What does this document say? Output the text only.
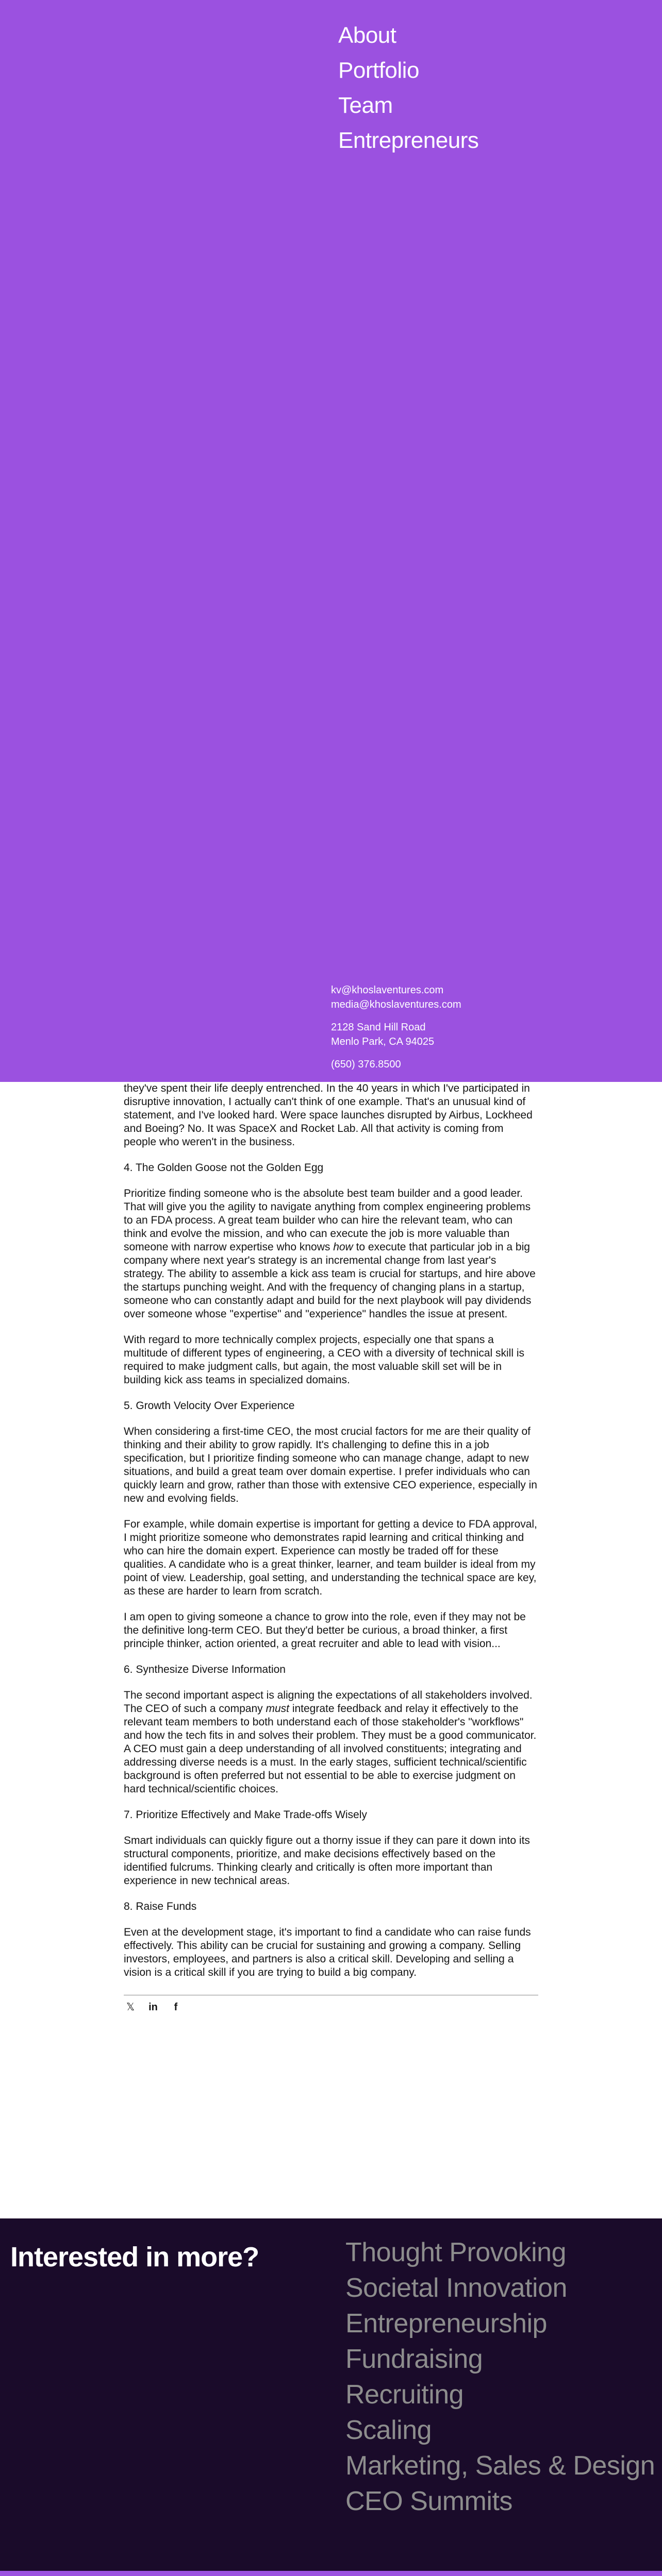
About
Portfolio
Team
Entrepreneurs
kv@khoslaventures.com
media@khoslaventures.com
2128 Sand Hill Road
Menlo Park, CA 94025
(650) 376.8500

they've spent their life deeply entrenched. In the 40 years in which I've participated in disruptive innovation, I actually can't think of one example. That's an unusual kind of statement, and I've looked hard. Were space launches disrupted by Airbus, Lockheed and Boeing? No. It was SpaceX and Rocket Lab. All that activity is coming from people who weren't in the business.

4. The Golden Goose not the Golden Egg

Prioritize finding someone who is the absolute best team builder and a good leader. That will give you the agility to navigate anything from complex engineering problems to an FDA process. A great team builder who can hire the relevant team, who can think and evolve the mission, and who can execute the job is more valuable than someone with narrow expertise who knows how to execute that particular job in a big company where next year's strategy is an incremental change from last year's strategy. The ability to assemble a kick ass team is crucial for startups, and hire above the startups punching weight. And with the frequency of changing plans in a startup, someone who can constantly adapt and build for the next playbook will pay dividends over someone whose "expertise" and "experience" handles the issue at present.

With regard to more technically complex projects, especially one that spans a multitude of different types of engineering, a CEO with a diversity of technical skill is required to make judgment calls, but again, the most valuable skill set will be in building kick ass teams in specialized domains.

5. Growth Velocity Over Experience

When considering a first-time CEO, the most crucial factors for me are their quality of thinking and their ability to grow rapidly. It's challenging to define this in a job specification, but I prioritize finding someone who can manage change, adapt to new situations, and build a great team over domain expertise. I prefer individuals who can quickly learn and grow, rather than those with extensive CEO experience, especially in new and evolving fields.

For example, while domain expertise is important for getting a device to FDA approval, I might prioritize someone who demonstrates rapid learning and critical thinking and who can hire the domain expert. Experience can mostly be traded off for these qualities. A candidate who is a great thinker, learner, and team builder is ideal from my point of view. Leadership, goal setting, and understanding the technical space are key, as these are harder to learn from scratch.

I am open to giving someone a chance to grow into the role, even if they may not be the definitive long-term CEO. But they'd better be curious, a broad thinker, a first principle thinker, action oriented, a great recruiter and able to lead with vision...

6. Synthesize Diverse Information

The second important aspect is aligning the expectations of all stakeholders involved. The CEO of such a company must integrate feedback and relay it effectively to the relevant team members to both understand each of those stakeholder's "workflows" and how the tech fits in and solves their problem. They must be a good communicator. A CEO must gain a deep understanding of all involved constituents; integrating and addressing diverse needs is a must. In the early stages, sufficient technical/scientific background is often preferred but not essential to be able to exercise judgment on hard technical/scientific choices.

7. Prioritize Effectively and Make Trade-offs Wisely

Smart individuals can quickly figure out a thorny issue if they can pare it down into its structural components, prioritize, and make decisions effectively based on the identified fulcrums. Thinking clearly and critically is often more important than experience in new technical areas.

8. Raise Funds

Even at the development stage, it's important to find a candidate who can raise funds effectively. This ability can be crucial for sustaining and growing a company. Selling investors, employees, and partners is also a critical skill. Developing and selling a vision is a critical skill if you are trying to build a big company.

𝕏 in	f
Interested in more?	Thought Provoking
Societal Innovation
Entrepreneurship
Fundraising
Recruiting
Scaling
Marketing, Sales & Design
CEO Summits
